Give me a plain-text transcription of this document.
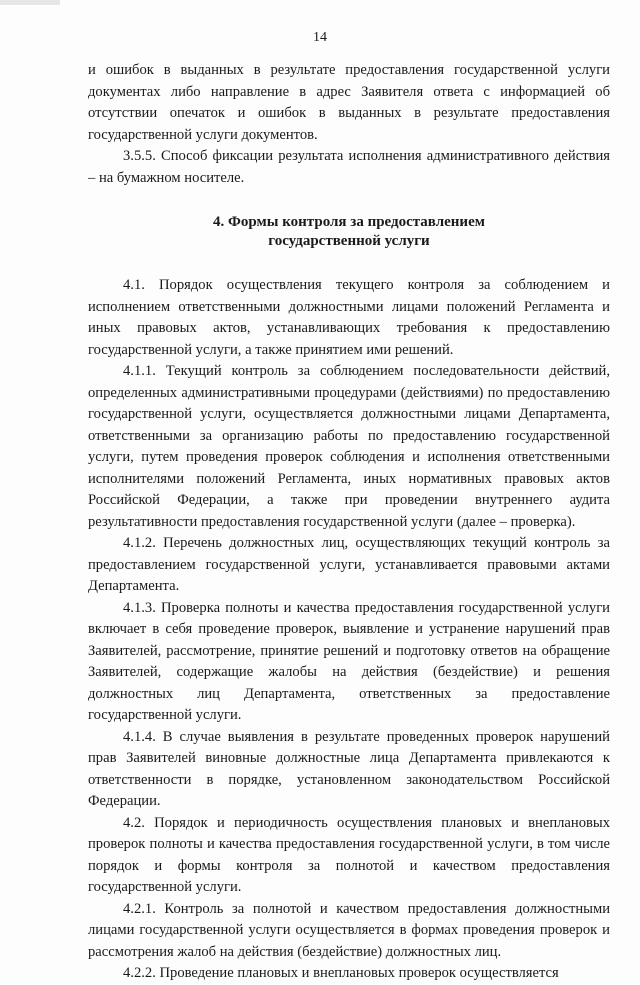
14

и ошибок в выданных в результате предоставления государственной услуги документах либо направление в адрес Заявителя ответа с информацией об отсутствии опечаток и ошибок в выданных в результате предоставления государственной услуги документов.

3.5.5. Способ фиксации результата исполнения административного действия – на бумажном носителе.

4. Формы контроля за предоставлением
государственной услуги

4.1. Порядок осуществления текущего контроля за соблюдением и исполнением ответственными должностными лицами положений Регламента и иных правовых актов, устанавливающих требования к предоставлению государственной услуги, а также принятием ими решений.

4.1.1. Текущий контроль за соблюдением последовательности действий, определенных административными процедурами (действиями) по предоставлению государственной услуги, осуществляется должностными лицами Департамента, ответственными за организацию работы по предоставлению государственной услуги, путем проведения проверок соблюдения и исполнения ответственными исполнителями положений Регламента, иных нормативных правовых актов Российской Федерации, а также при проведении внутреннего аудита результативности предоставления государственной услуги (далее – проверка).

4.1.2. Перечень должностных лиц, осуществляющих текущий контроль за предоставлением государственной услуги, устанавливается правовыми актами Департамента.

4.1.3. Проверка полноты и качества предоставления государственной услуги включает в себя проведение проверок, выявление и устранение нарушений прав Заявителей, рассмотрение, принятие решений и подготовку ответов на обращение Заявителей, содержащие жалобы на действия (бездействие) и решения должностных лиц Департамента, ответственных за предоставление государственной услуги.

4.1.4. В случае выявления в результате проведенных проверок нарушений прав Заявителей виновные должностные лица Департамента привлекаются к ответственности в порядке, установленном законодательством Российской Федерации.

4.2. Порядок и периодичность осуществления плановых и внеплановых проверок полноты и качества предоставления государственной услуги, в том числе порядок и формы контроля за полнотой и качеством предоставления государственной услуги.

4.2.1. Контроль за полнотой и качеством предоставления должностными лицами государственной услуги осуществляется в формах проведения проверок и рассмотрения жалоб на действия (бездействие) должностных лиц.

4.2.2. Проведение плановых и внеплановых проверок осуществляется
